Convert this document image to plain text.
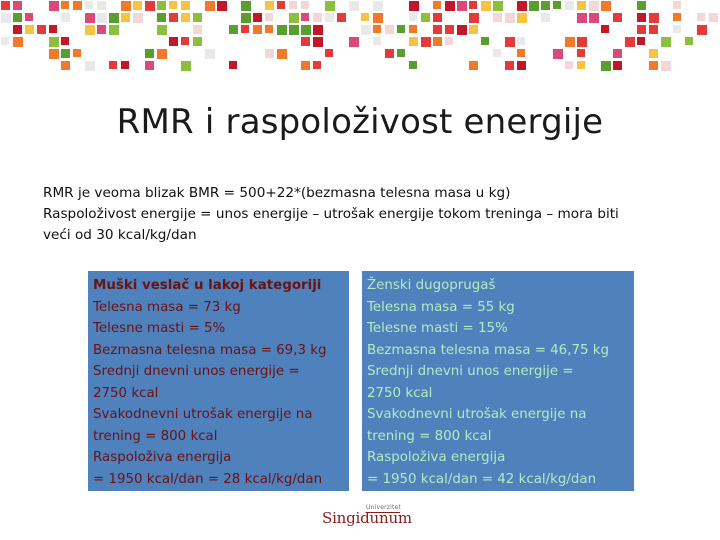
RMR i raspoloživost energije

RMR je veoma blizak BMR = 500+22*(bezmasna telesna masa u kg)

Raspoloživost energije = unos energije – utrošak energije tokom treninga – mora biti

veći od 30 kcal/kg/dan

Muški veslač u lakoj kategoriji
Telesna masa = 73 kg
Telesne masti = 5%
Bezmasna telesna masa = 69,3 kg
Srednji dnevni unos energije =
2750 kcal
Svakodnevni utrošak energije na
trening = 800 kcal
Raspoloživa energija
= 1950 kcal/dan = 28 kcal/kg/dan
Ženski dugoprugaš
Telesna masa = 55 kg
Telesne masti = 15%
Bezmasna telesna masa = 46,75 kg
Srednji dnevni unos energije =
2750 kcal
Svakodnevni utrošak energije na
trening = 800 kcal
Raspoloživa energija
= 1950 kcal/dan = 42 kcal/kg/dan
Univerzitet
Singidunum
